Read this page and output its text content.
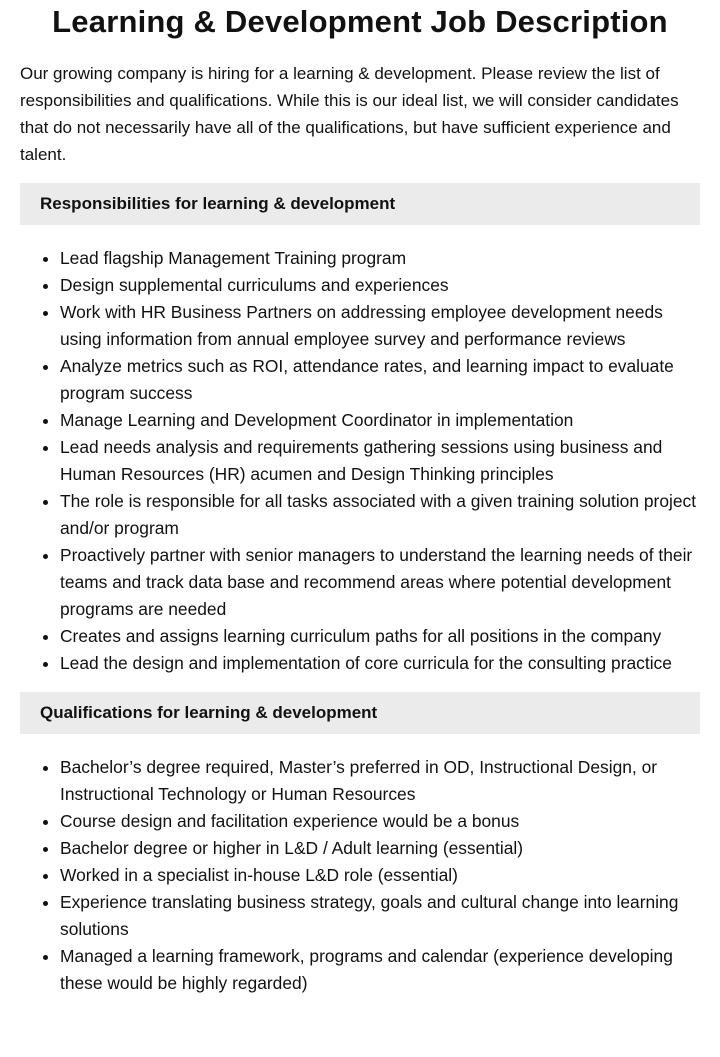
Learning & Development Job Description

Our growing company is hiring for a learning & development. Please review the list of responsibilities and qualifications. While this is our ideal list, we will consider candidates that do not necessarily have all of the qualifications, but have sufficient experience and talent.

Responsibilities for learning & development
• Lead flagship Management Training program
• Design supplemental curriculums and experiences
• Work with HR Business Partners on addressing employee development needs using information from annual employee survey and performance reviews
• Analyze metrics such as ROI, attendance rates, and learning impact to evaluate program success
• Manage Learning and Development Coordinator in implementation
• Lead needs analysis and requirements gathering sessions using business and Human Resources (HR) acumen and Design Thinking principles
• The role is responsible for all tasks associated with a given training solution project and/or program
• Proactively partner with senior managers to understand the learning needs of their teams and track data base and recommend areas where potential development programs are needed
• Creates and assigns learning curriculum paths for all positions in the company
• Lead the design and implementation of core curricula for the consulting practice
Qualifications for learning & development
• Bachelor’s degree required, Master’s preferred in OD, Instructional Design, or Instructional Technology or Human Resources
• Course design and facilitation experience would be a bonus
• Bachelor degree or higher in L&D / Adult learning (essential)
• Worked in a specialist in-house L&D role (essential)
• Experience translating business strategy, goals and cultural change into learning solutions
• Managed a learning framework, programs and calendar (experience developing these would be highly regarded)
